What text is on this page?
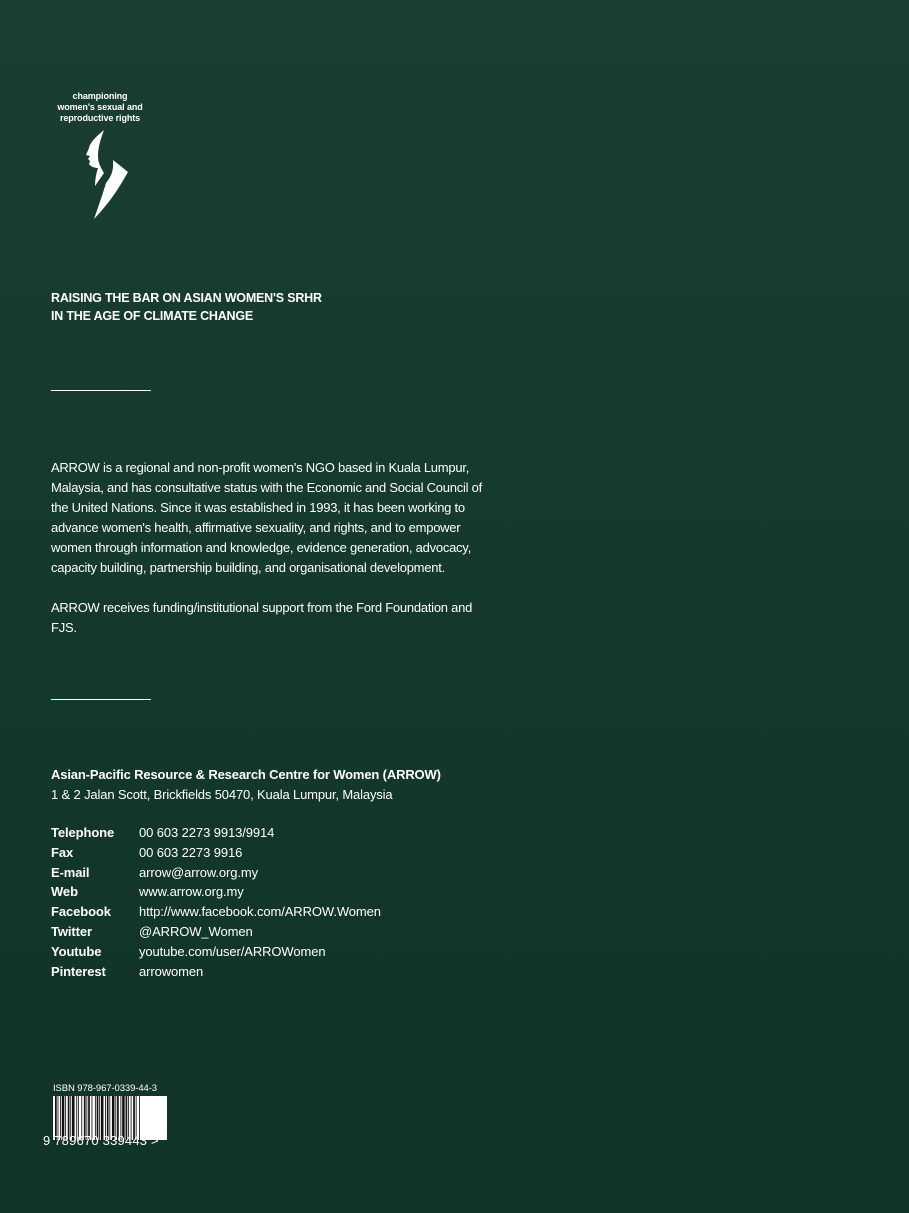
championing
women's sexual and
reproductive rights
RAISING THE BAR ON ASIAN WOMEN'S SRHR
IN THE AGE OF CLIMATE CHANGE

ARROW is a regional and non-profit women's NGO based in Kuala Lumpur, Malaysia, and has consultative status with the Economic and Social Council of the United Nations. Since it was established in 1993, it has been working to advance women's health, affirmative sexuality, and rights, and to empower women through information and knowledge, evidence generation, advocacy, capacity building, partnership building, and organisational development.

ARROW receives funding/institutional support from the Ford Foundation and FJS.

Asian-Pacific Resource & Research Centre for Women (ARROW)
1 & 2 Jalan Scott, Brickfields 50470, Kuala Lumpur, Malaysia
Telephone	00 603 2273 9913/9914
Fax	00 603 2273 9916
E-mail	arrow@arrow.org.my
Web	www.arrow.org.my
Facebook	http://www.facebook.com/ARROW.Women
Twitter	@ARROW_Women
Youtube	youtube.com/user/ARROWomen
Pinterest	arrowomen
ISBN 978-967-0339-44-3
9 789670 339443 >
